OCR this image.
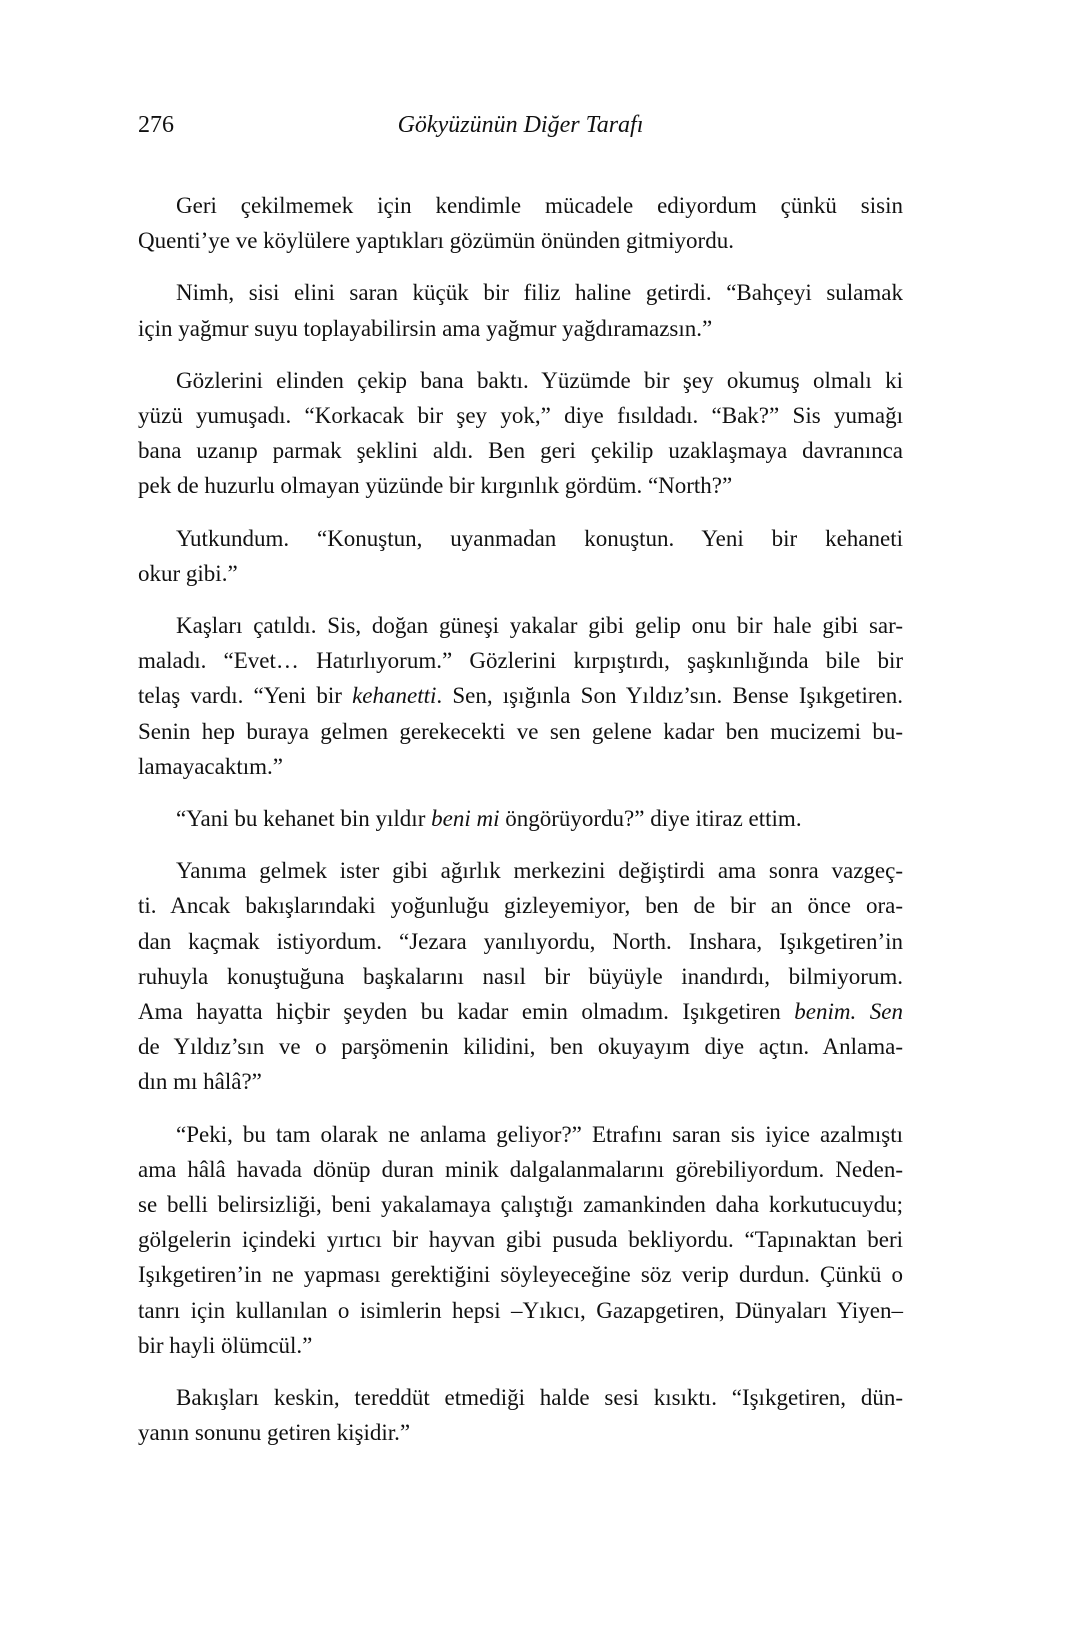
276	Gökyüzünün Diğer Tarafı

Geri çekilmemek için kendimle mücadele ediyordum çünkü sisin
Quenti’ye ve köylülere yaptıkları gözümün önünden gitmiyordu.

Nimh, sisi elini saran küçük bir filiz haline getirdi. “Bahçeyi sulamak
için yağmur suyu toplayabilirsin ama yağmur yağdıramazsın.”

Gözlerini elinden çekip bana baktı. Yüzümde bir şey okumuş olmalı ki
yüzü yumuşadı. “Korkacak bir şey yok,” diye fısıldadı. “Bak?” Sis yumağı
bana uzanıp parmak şeklini aldı. Ben geri çekilip uzaklaşmaya davranınca
pek de huzurlu olmayan yüzünde bir kırgınlık gördüm. “North?”

Yutkundum. “Konuştun, uyanmadan konuştun. Yeni bir kehaneti
okur gibi.”

Kaşları çatıldı. Sis, doğan güneşi yakalar gibi gelip onu bir hale gibi sar-
maladı. “Evet… Hatırlıyorum.” Gözlerini kırpıştırdı, şaşkınlığında bile bir
telaş vardı. “Yeni bir kehanetti. Sen, ışığınla Son Yıldız’sın. Bense Işıkgetiren.
Senin hep buraya gelmen gerekecekti ve sen gelene kadar ben mucizemi bu-
lamayacaktım.”

“Yani bu kehanet bin yıldır beni mi öngörüyordu?” diye itiraz ettim.

Yanıma gelmek ister gibi ağırlık merkezini değiştirdi ama sonra vazgeç-
ti. Ancak bakışlarındaki yoğunluğu gizleyemiyor, ben de bir an önce ora-
dan kaçmak istiyordum. “Jezara yanılıyordu, North. Inshara, Işıkgetiren’in
ruhuyla konuştuğuna başkalarını nasıl bir büyüyle inandırdı, bilmiyorum.
Ama hayatta hiçbir şeyden bu kadar emin olmadım. Işıkgetiren benim. Sen
de Yıldız’sın ve o parşömenin kilidini, ben okuyayım diye açtın. Anlama-
dın mı hâlâ?”

“Peki, bu tam olarak ne anlama geliyor?” Etrafını saran sis iyice azalmıştı
ama hâlâ havada dönüp duran minik dalgalanmalarını görebiliyordum. Neden-
se belli belirsizliği, beni yakalamaya çalıştığı zamankinden daha korkutucuydu;
gölgelerin içindeki yırtıcı bir hayvan gibi pusuda bekliyordu. “Tapınaktan beri
Işıkgetiren’in ne yapması gerektiğini söyleyeceğine söz verip durdun. Çünkü o
tanrı için kullanılan o isimlerin hepsi –Yıkıcı, Gazapgetiren, Dünyaları Yiyen–
bir hayli ölümcül.”

Bakışları keskin, tereddüt etmediği halde sesi kısıktı. “Işıkgetiren, dün-
yanın sonunu getiren kişidir.”
